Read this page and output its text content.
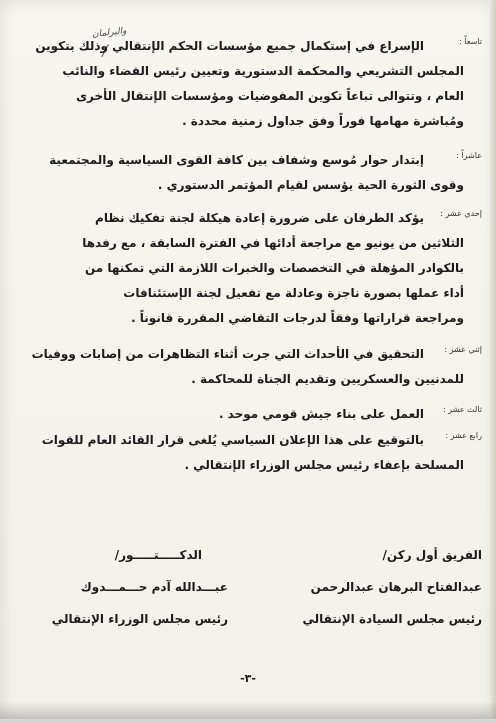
والبرلمان
تاسعاً :
الإسراع في إستكمال جميع مؤسسات الحكم الإنتقالي وذلك بتكوين
المجلس التشريعي والمحكمة الدستورية وتعيين رئيس القضاء والنائب
العام ، وتتوالى تباعاً تكوين المفوضيات ومؤسسات الإنتقال الأخرى
ومُباشرة مهامها فوراً وفق جداول زمنية محددة .
عاشراً :
إبتدار حوار مُوسع وشفاف بين كافة القوى السياسية والمجتمعية
وقوى الثورة الحية يؤسس لقيام المؤتمر الدستوري .
إحدي عشر :
يؤكد الطرفان على ضرورة إعادة هيكلة لجنة تفكيك نظام
الثلاثين من يونيو مع مراجعة أدائها في الفترة السابقة ، مع رفدها
بالكوادر المؤهلة في التخصصات والخبرات اللازمة التي تمكنها من
أداء عملها بصورة ناجزة وعادلة مع تفعيل لجنة الإستئنافات
ومراجعة قراراتها وفقاً لدرجات التقاضي المقررة قانوناً .
إثني عشر :
التحقيق في الأحداث التي جرت أثناء التظاهرات من إصابات ووفيات
للمدنيين والعسكريين وتقديم الجناة للمحاكمة .
ثالث عشر :
العمل على بناء جيش قومي موحد .
رابع عشر :
بالتوقيع على هذا الإعلان السياسي يُلغى قرار القائد العام للقوات
المسلحة بإعفاء رئيس مجلس الوزراء الإنتقالي .
الفريق أول ركن/
عبدالفتاح البرهان عبدالرحمن
رئيس مجلس السيادة الإنتقالي
الدكـــــتـــــور/
عبـــدالله آدم حـــمـــدوك
رئيس مجلس الوزراء الإنتقالي
-٣-
